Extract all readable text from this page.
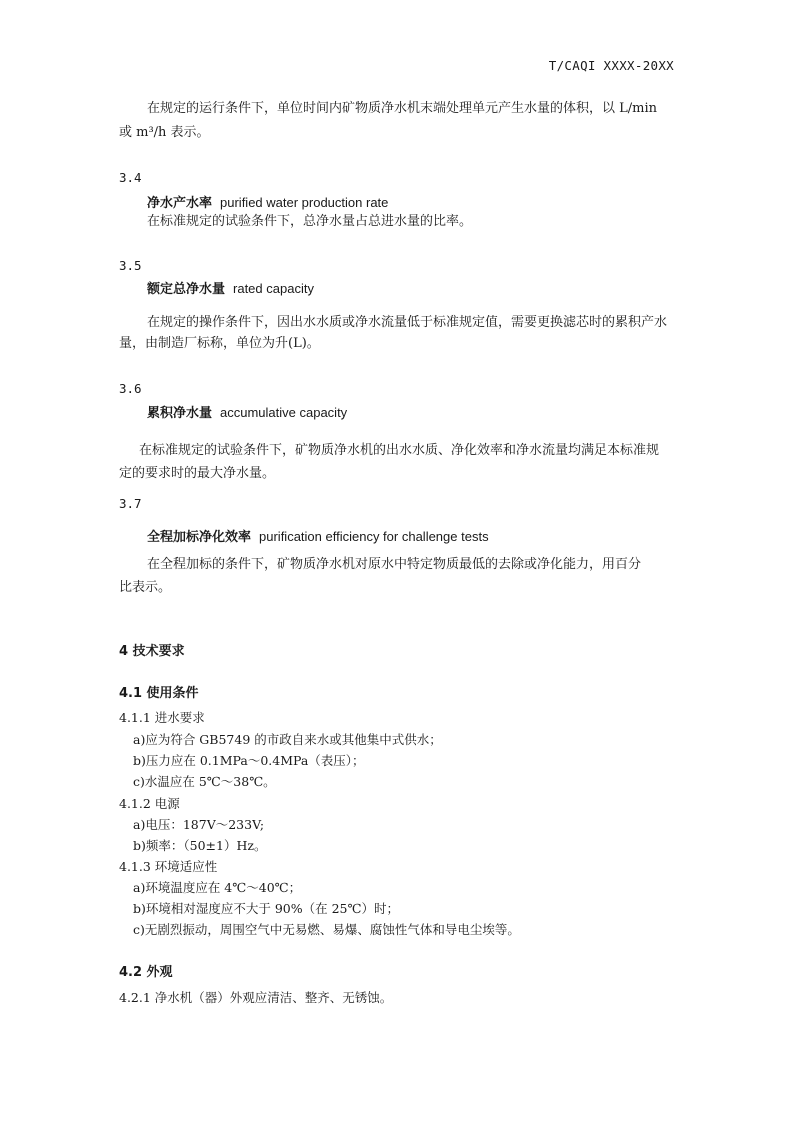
T/CAQI XXXX-20XX
在规定的运行条件下，单位时间内矿物质净水机末端处理单元产生水量的体积，以 L/min
或 m³/h 表示。
3.4
净水产水率 purified water production rate
在标准规定的试验条件下，总净水量占总进水量的比率。
3.5
额定总净水量 rated capacity
在规定的操作条件下，因出水水质或净水流量低于标准规定值，需要更换滤芯时的累积产水
量，由制造厂标称，单位为升(L)。
3.6
累积净水量 accumulative capacity
在标准规定的试验条件下，矿物质净水机的出水水质、净化效率和净水流量均满足本标准规
定的要求时的最大净水量。
3.7
全程加标净化效率 purification efficiency for challenge tests
在全程加标的条件下，矿物质净水机对原水中特定物质最低的去除或净化能力，用百分
比表示。
4 技术要求
4.1 使用条件
4.1.1 进水要求
a)应为符合 GB5749 的市政自来水或其他集中式供水；
b)压力应在 0.1MPa～0.4MPa（表压）；
c)水温应在 5℃～38℃。
4.1.2 电源
a)电压：187V～233V;
b)频率：（50±1）Hz。
4.1.3 环境适应性
a)环境温度应在 4℃～40℃；
b)环境相对湿度应不大于 90%（在 25℃）时；
c)无剧烈振动，周围空气中无易燃、易爆、腐蚀性气体和导电尘埃等。
4.2 外观
4.2.1 净水机（器）外观应清洁、整齐、无锈蚀。
